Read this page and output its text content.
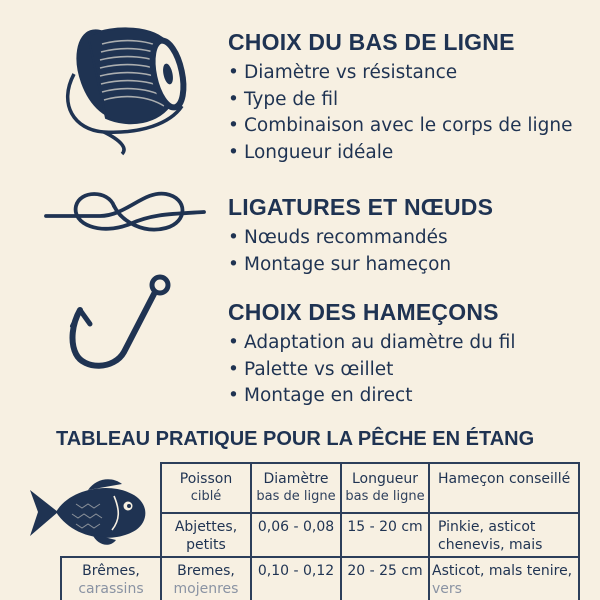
CHOIX DU BAS DE LIGNE
• Diamètre vs résistance
• Type de fil
• Combinaison avec le corps de ligne
• Longueur idéale
LIGATURES ET NŒUDS
• Nœuds recommandés
• Montage sur hameçon
CHOIX DES HAMEÇONS
• Adaptation au diamètre du fil
• Palette vs œillet
• Montage en direct
TABLEAU PRATIQUE POUR LA PÊCHE EN ÉTANG
Poisson
ciblé
Diamètre
bas de ligne
Longueur
bas de ligne
Hameçon conseillé
Abjettes,
petits
0,06 - 0,08 15 - 20 cm	Pinkie, asticot
chenevis, mais
Brêmes,
carassins
Bremes,
mojenres
0,10 - 0,12 20 - 25 cm Asticot, mals tenire,
vers
